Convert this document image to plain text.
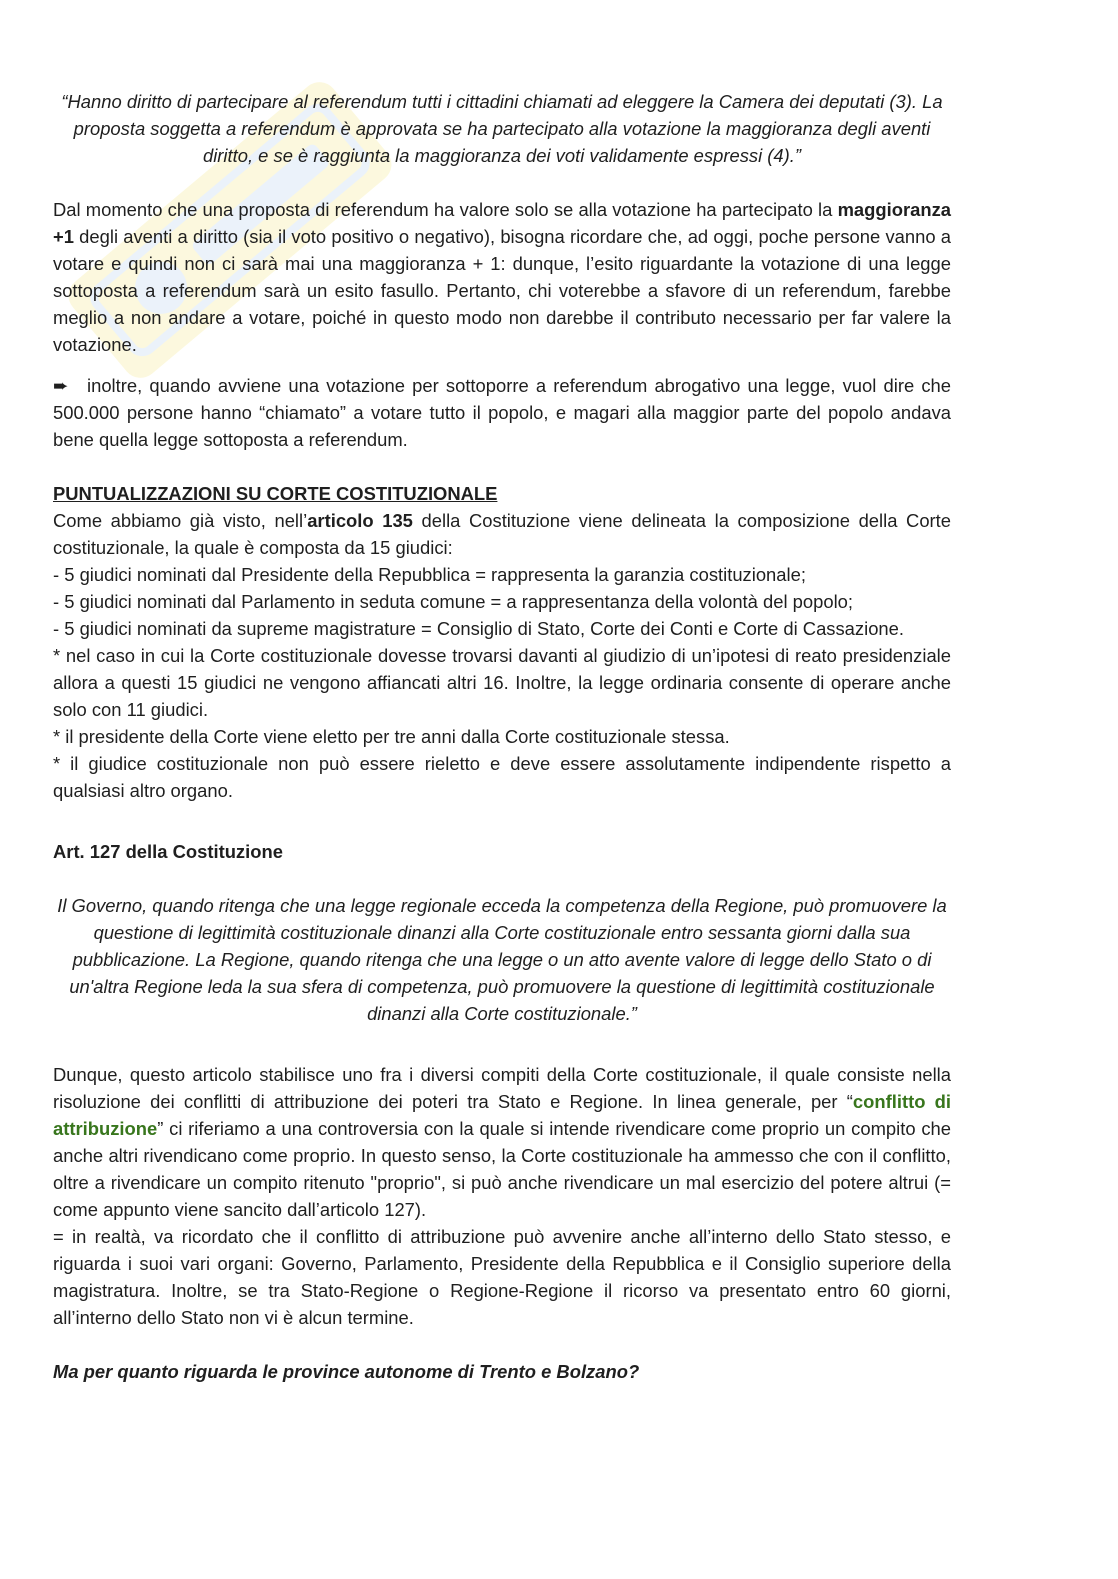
“Hanno diritto di partecipare al referendum tutti i cittadini chiamati ad eleggere la Camera dei deputati (3). La proposta soggetta a referendum è approvata se ha partecipato alla votazione la maggioranza degli aventi diritto, e se è raggiunta la maggioranza dei voti validamente espressi (4).”

Dal momento che una proposta di referendum ha valore solo se alla votazione ha partecipato la maggioranza +1 degli aventi a diritto (sia il voto positivo o negativo), bisogna ricordare che, ad oggi, poche persone vanno a votare e quindi non ci sarà mai una maggioranza + 1: dunque, l’esito riguardante la votazione di una legge sottoposta a referendum sarà un esito fasullo. Pertanto, chi voterebbe a sfavore di un referendum, farebbe meglio a non andare a votare, poiché in questo modo non darebbe il contributo necessario per far valere la votazione.

➨ inoltre, quando avviene una votazione per sottoporre a referendum abrogativo una legge, vuol dire che 500.000 persone hanno “chiamato” a votare tutto il popolo, e magari alla maggior parte del popolo andava bene quella legge sottoposta a referendum.

PUNTUALIZZAZIONI SU CORTE COSTITUZIONALE

Come abbiamo già visto, nell’articolo 135 della Costituzione viene delineata la composizione della Corte costituzionale, la quale è composta da 15 giudici:

- 5 giudici nominati dal Presidente della Repubblica = rappresenta la garanzia costituzionale;

- 5 giudici nominati dal Parlamento in seduta comune = a rappresentanza della volontà del popolo;

- 5 giudici nominati da supreme magistrature = Consiglio di Stato, Corte dei Conti e Corte di Cassazione.

* nel caso in cui la Corte costituzionale dovesse trovarsi davanti al giudizio di un’ipotesi di reato presidenziale allora a questi 15 giudici ne vengono affiancati altri 16. Inoltre, la legge ordinaria consente di operare anche solo con 11 giudici.

* il presidente della Corte viene eletto per tre anni dalla Corte costituzionale stessa.

* il giudice costituzionale non può essere rieletto e deve essere assolutamente indipendente rispetto a qualsiasi altro organo.

Art. 127 della Costituzione

Il Governo, quando ritenga che una legge regionale ecceda la competenza della Regione, può promuovere la questione di legittimità costituzionale dinanzi alla Corte costituzionale entro sessanta giorni dalla sua pubblicazione. La Regione, quando ritenga che una legge o un atto avente valore di legge dello Stato o di un'altra Regione leda la sua sfera di competenza, può promuovere la questione di legittimità costituzionale dinanzi alla Corte costituzionale.”

Dunque, questo articolo stabilisce uno fra i diversi compiti della Corte costituzionale, il quale consiste nella risoluzione dei conflitti di attribuzione dei poteri tra Stato e Regione. In linea generale, per “conflitto di attribuzione” ci riferiamo a una controversia con la quale si intende rivendicare come proprio un compito che anche altri rivendicano come proprio. In questo senso, la Corte costituzionale ha ammesso che con il conflitto, oltre a rivendicare un compito ritenuto "proprio", si può anche rivendicare un mal esercizio del potere altrui (= come appunto viene sancito dall’articolo 127).

= in realtà, va ricordato che il conflitto di attribuzione può avvenire anche all’interno dello Stato stesso, e riguarda i suoi vari organi: Governo, Parlamento, Presidente della Repubblica e il Consiglio superiore della magistratura. Inoltre, se tra Stato-Regione o Regione-Regione il ricorso va presentato entro 60 giorni, all’interno dello Stato non vi è alcun termine.

Ma per quanto riguarda le province autonome di Trento e Bolzano?
